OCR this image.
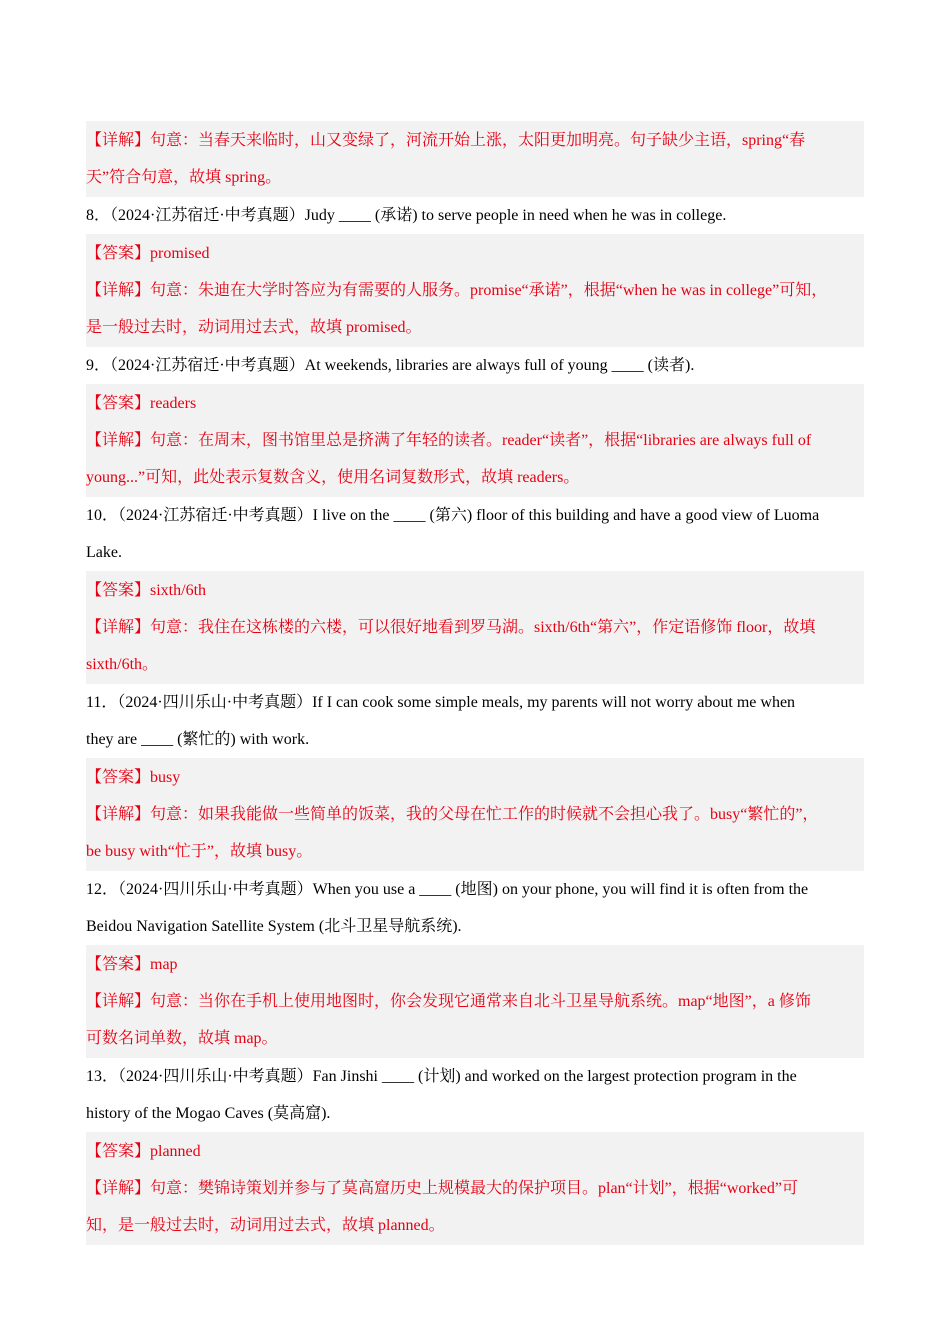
【详解】句意：当春天来临时，山又变绿了，河流开始上涨，太阳更加明亮。句子缺少主语，spring“春
天”符合句意，故填 spring。
8．（2024·江苏宿迁·中考真题）Judy ____ (承诺) to serve people in need when he was in college.
【答案】promised
【详解】句意：朱迪在大学时答应为有需要的人服务。promise“承诺”，根据“when he was in college”可知，
是一般过去时，动词用过去式，故填 promised。
9．（2024·江苏宿迁·中考真题）At weekends, libraries are always full of young ____ (读者).
【答案】readers
【详解】句意：在周末，图书馆里总是挤满了年轻的读者。reader“读者”，根据“libraries are always full of
young...”可知，此处表示复数含义，使用名词复数形式，故填 readers。
10．（2024·江苏宿迁·中考真题）I live on the ____ (第六) floor of this building and have a good view of Luoma
Lake.
【答案】sixth/6th
【详解】句意：我住在这栋楼的六楼，可以很好地看到罗马湖。sixth/6th“第六”，作定语修饰 floor，故填
sixth/6th。
11．（2024·四川乐山·中考真题）If I can cook some simple meals, my parents will not worry about me when
they are ____ (繁忙的) with work.
【答案】busy
【详解】句意：如果我能做一些简单的饭菜，我的父母在忙工作的时候就不会担心我了。busy“繁忙的”，
be busy with“忙于”，故填 busy。
12．（2024·四川乐山·中考真题）When you use a ____ (地图) on your phone, you will find it is often from the
Beidou Navigation Satellite System (北斗卫星导航系统).
【答案】map
【详解】句意：当你在手机上使用地图时，你会发现它通常来自北斗卫星导航系统。map“地图”，a 修饰
可数名词单数，故填 map。
13．（2024·四川乐山·中考真题）Fan Jinshi ____ (计划) and worked on the largest protection program in the
history of the Mogao Caves (莫高窟).
【答案】planned
【详解】句意：樊锦诗策划并参与了莫高窟历史上规模最大的保护项目。plan“计划”，根据“worked”可
知，是一般过去时，动词用过去式，故填 planned。
